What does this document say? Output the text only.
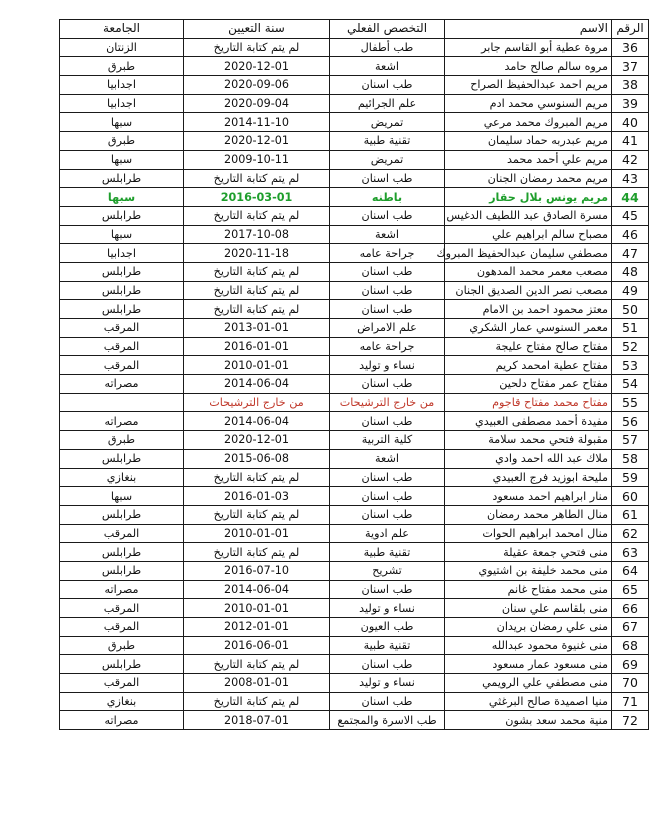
الرقم	الاسم	التخصص الفعلي	سنة التعيين	الجامعة
36	مروة عطية أبو القاسم جابر	طب أطفال	لم يتم كتابة التاريخ	الزنتان
37	مروه سالم صالح حامد	اشعة	2020-12-01	طبرق
38	مريم احمد عبدالحفيظ الصراح	طب اسنان	2020-09-06	اجدابيا
39	مريم السنوسي محمد ادم	علم الجرائيم	2020-09-04	اجدابيا
40	مريم المبروك محمد مرعي	تمريض	2014-11-10	سبها
41	مريم عبدربه حماد سليمان	تقنية طبية	2020-12-01	طبرق
42	مريم علي أحمد محمد	تمريض	2009-10-11	سبها
43	مريم محمد رمضان الجنان	طب اسنان	لم يتم كتابة التاريخ	طرابلس
44	مريم يونس بلال حقار	باطنه	2016-03-01	سبها
45	مسرة الصادق عبد اللطيف الدغيس	طب اسنان	لم يتم كتابة التاريخ	طرابلس
46	مصباح سالم ابراهيم علي	اشعة	2017-10-08	سبها
47	مصطفي سليمان عبدالحفيظ المبروك	جراحة عامه	2020-11-18	اجدابيا
48	مصعب معمر محمد المدهون	طب اسنان	لم يتم كتابة التاريخ	طرابلس
49	مصعب نصر الدين الصديق الجنان	طب اسنان	لم يتم كتابة التاريخ	طرابلس
50	معتز محمود احمد بن الامام	طب اسنان	لم يتم كتابة التاريخ	طرابلس
51	معمر السنوسي عمار الشكري	علم الامراض	2013-01-01	المرقب
52	مفتاح صالح مفتاح عليجة	جراحة عامه	2016-01-01	المرقب
53	مفتاح عطية امحمد كريم	نساء و توليد	2010-01-01	المرقب
54	مفتاح عمر مفتاح دلحين	طب اسنان	2014-06-04	مصراته
55	مفتاح محمد مفتاح قاجوم	من خارج الترشيحات	من خارج الترشيحات	
56	مفيدة أحمد مصطفى العبيدي	طب اسنان	2014-06-04	مصراته
57	مقبولة فتحي محمد سلامة	كلية التربية	2020-12-01	طبرق
58	ملاك عبد الله احمد وادي	اشعة	2015-06-08	طرابلس
59	مليحة ابوزيد فرج العبيدي	طب اسنان	لم يتم كتابة التاريخ	بنغازي
60	منار ابراهيم احمد مسعود	طب اسنان	2016-01-03	سبها
61	منال الطاهر محمد رمضان	طب اسنان	لم يتم كتابة التاريخ	طرابلس
62	منال امحمد ابراهيم الحوات	علم ادوية	2010-01-01	المرقب
63	منى فتحي جمعة عقيلة	تقنية طبية	لم يتم كتابة التاريخ	طرابلس
64	منى محمد خليفة بن اشتيوي	تشريح	2016-07-10	طرابلس
65	منى محمد مفتاح غانم	طب اسنان	2014-06-04	مصراته
66	منى بلقاسم علي سنان	نساء و توليد	2010-01-01	المرقب
67	منى علي رمضان بريدان	طب العيون	2012-01-01	المرقب
68	منى غنيوة محمود عبدالله	تقنية طبية	2016-06-01	طبرق
69	منى مسعود عمار مسعود	طب اسنان	لم يتم كتابة التاريخ	طرابلس
70	منى مصطفي علي الرويمي	نساء و توليد	2008-01-01	المرقب
71	منيا اصميدة صالح البرغثي	طب اسنان	لم يتم كتابة التاريخ	بنغازي
72	منية محمد سعد بشون	طب الاسرة والمجتمع	2018-07-01	مصراته
